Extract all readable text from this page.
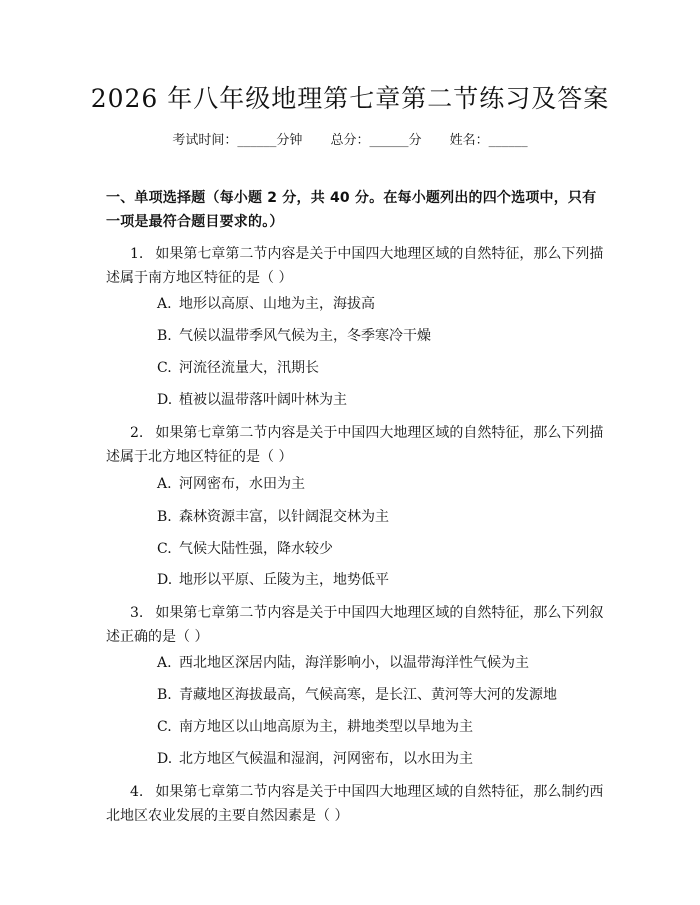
2026 年八年级地理第七章第二节练习及答案
考试时间：______分钟 总分：______分 姓名：______
一、单项选择题（每小题 2 分，共 40 分。在每小题列出的四个选项中，只有一项是最符合题目要求的。）
1. 如果第七章第二节内容是关于中国四大地理区域的自然特征，那么下列描述属于南方地区特征的是（ ）
A. 地形以高原、山地为主，海拔高
B. 气候以温带季风气候为主，冬季寒冷干燥
C. 河流径流量大，汛期长
D. 植被以温带落叶阔叶林为主
2. 如果第七章第二节内容是关于中国四大地理区域的自然特征，那么下列描述属于北方地区特征的是（ ）
A. 河网密布，水田为主
B. 森林资源丰富，以针阔混交林为主
C. 气候大陆性强，降水较少
D. 地形以平原、丘陵为主，地势低平
3. 如果第七章第二节内容是关于中国四大地理区域的自然特征，那么下列叙述正确的是（ ）
A. 西北地区深居内陆，海洋影响小，以温带海洋性气候为主
B. 青藏地区海拔最高，气候高寒，是长江、黄河等大河的发源地
C. 南方地区以山地高原为主，耕地类型以旱地为主
D. 北方地区气候温和湿润，河网密布，以水田为主
4. 如果第七章第二节内容是关于中国四大地理区域的自然特征，那么制约西北地区农业发展的主要自然因素是（ ）
